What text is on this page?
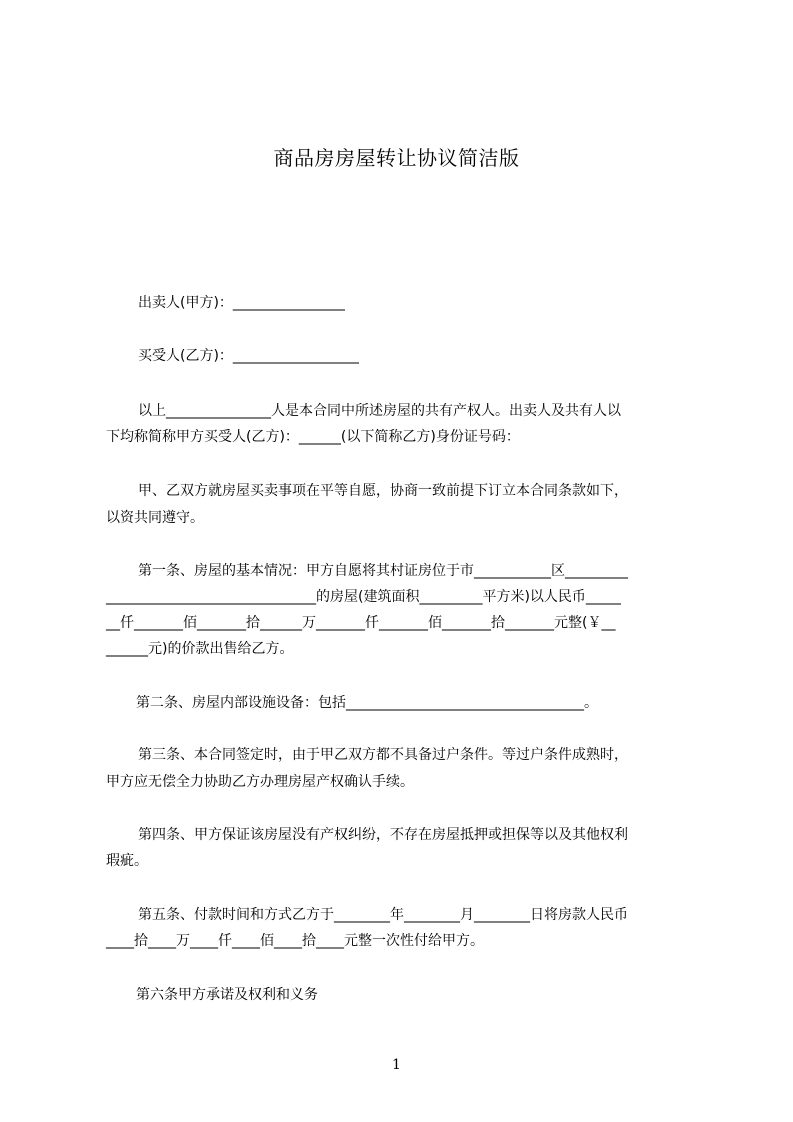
商品房房屋转让协议简洁版
出卖人(甲方)：________________
买受人(乙方)：__________________
以上_______________人是本合同中所述房屋的共有产权人。出卖人及共有人以
下均称简称甲方买受人(乙方)：______(以下简称乙方)身份证号码：
甲、乙双方就房屋买卖事项在平等自愿，协商一致前提下订立本合同条款如下，
以资共同遵守。
第一条、房屋的基本情况：甲方自愿将其村证房位于市___________区_________
______________________________的房屋(建筑面积_________平方米)以人民币_____
__仟_______佰_______拾______万_______仟_______佰_______拾_______元整(￥__
______元)的价款出售给乙方。
第二条、房屋内部设施设备：包括__________________________________。
第三条、本合同签定时，由于甲乙双方都不具备过户条件。等过户条件成熟时，
甲方应无偿全力协助乙方办理房屋产权确认手续。
第四条、甲方保证该房屋没有产权纠纷，不存在房屋抵押或担保等以及其他权利
瑕疵。
第五条、付款时间和方式乙方于________年________月________日将房款人民币
____拾____万____仟____佰____拾____元整一次性付给甲方。
第六条甲方承诺及权利和义务
1
